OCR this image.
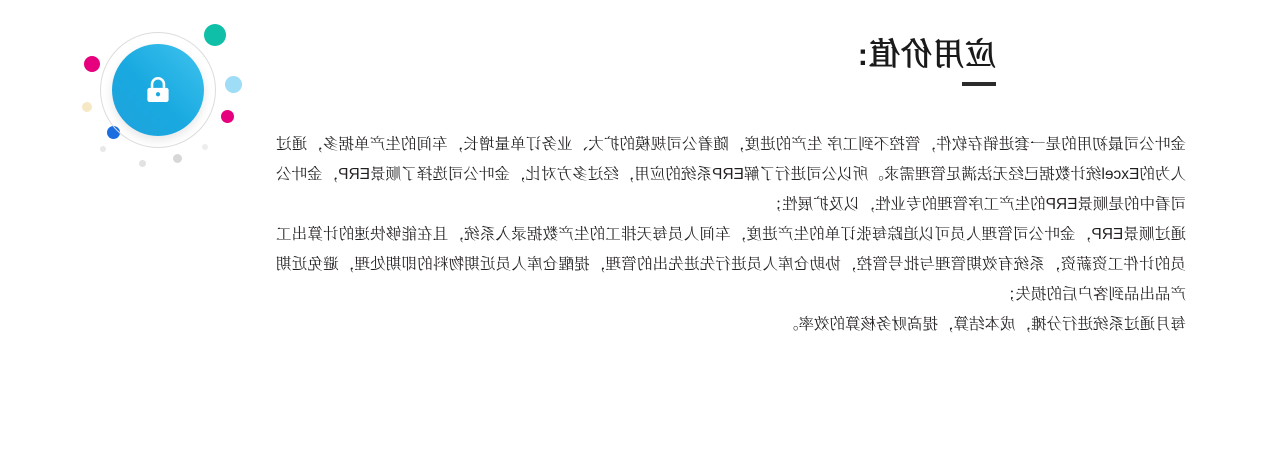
应用价值:

金叶公司最初用的是一套进销存软件，管控不到工序 生产的进度，随着公司规模的扩大、业务订单量增长，车间的生产单据多，通过人为的Excel统计数据已经无法满足管理需求。所以公司进行了解ERP系统的应用，经过多方对比，金叶公司选择了顺景ERP，金叶公司看中的是顺景ERP的生产工序管理的专业性，以及扩展性；

通过顺景ERP，金叶公司管理人员可以追踪每张订单的生产进度，车间人员每天排工的生产数据录入系统，且在能够快速的计算出工员的计件工资薪资，系统有效期管理与批号管控，协助仓库人员进行先进先出的管理，提醒仓库人员近期物料的即期处理，避免近期产品出品到客户后的损失；

每月通过系统进行分摊，成本结算，提高财务核算的效率。
